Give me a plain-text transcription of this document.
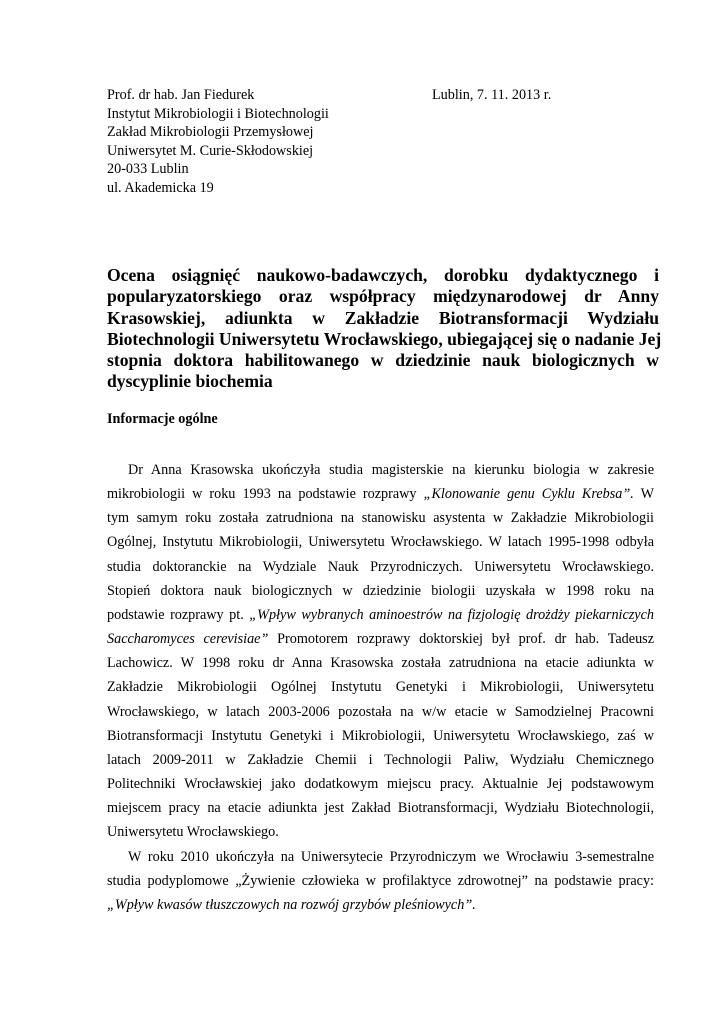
Prof. dr hab. Jan Fiedurek
Instytut Mikrobiologii i Biotechnologii
Zakład Mikrobiologii Przemysłowej
Uniwersytet M. Curie-Skłodowskiej
20-033 Lublin
ul. Akademicka 19
Lublin, 7. 11. 2013 r.
Ocena osiągnięć naukowo-badawczych, dorobku dydaktycznego i
popularyzatorskiego oraz współpracy międzynarodowej dr Anny
Krasowskiej, adiunkta w Zakładzie Biotransformacji Wydziału
Biotechnologii Uniwersytetu Wrocławskiego, ubiegającej się o nadanie Jej
stopnia doktora habilitowanego w dziedzinie nauk biologicznych w
dyscyplinie biochemia
Informacje ogólne
Dr Anna Krasowska ukończyła studia magisterskie na kierunku biologia w zakresie
mikrobiologii w roku 1993 na podstawie rozprawy „Klonowanie genu Cyklu Krebsa”. W
tym samym roku została zatrudniona na stanowisku asystenta w Zakładzie Mikrobiologii
Ogólnej, Instytutu Mikrobiologii, Uniwersytetu Wrocławskiego. W latach 1995-1998 odbyła
studia doktoranckie na Wydziale Nauk Przyrodniczych. Uniwersytetu Wrocławskiego.
Stopień doktora nauk biologicznych w dziedzinie biologii uzyskała w 1998 roku na
podstawie rozprawy pt. „Wpływ wybranych aminoestrów na fizjologię drożdży piekarniczych
Saccharomyces cerevisiae” Promotorem rozprawy doktorskiej był prof. dr hab. Tadeusz
Lachowicz. W 1998 roku dr Anna Krasowska została zatrudniona na etacie adiunkta w
Zakładzie Mikrobiologii Ogólnej Instytutu Genetyki i Mikrobiologii, Uniwersytetu
Wrocławskiego, w latach 2003-2006 pozostała na w/w etacie w Samodzielnej Pracowni
Biotransformacji Instytutu Genetyki i Mikrobiologii, Uniwersytetu Wrocławskiego, zaś w
latach 2009-2011 w Zakładzie Chemii i Technologii Paliw, Wydziału Chemicznego
Politechniki Wrocławskiej jako dodatkowym miejscu pracy. Aktualnie Jej podstawowym
miejscem pracy na etacie adiunkta jest Zakład Biotransformacji, Wydziału Biotechnologii,
Uniwersytetu Wrocławskiego.
W roku 2010 ukończyła na Uniwersytecie Przyrodniczym we Wrocławiu 3-semestralne
studia podyplomowe „Żywienie człowieka w profilaktyce zdrowotnej” na podstawie pracy:
„Wpływ kwasów tłuszczowych na rozwój grzybów pleśniowych”.
